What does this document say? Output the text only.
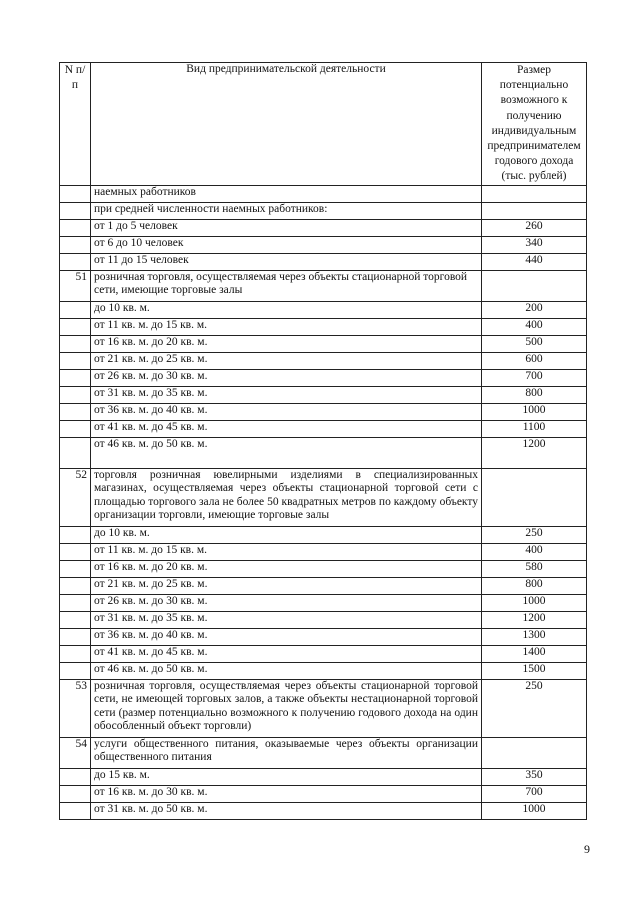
N п/п	Вид предпринимательской деятельности	Размер потенциально возможного к получению индивидуальным предпринимателем годового дохода (тыс. рублей)
	наемных работников	
	при средней численности наемных работников:	
	от 1 до 5 человек	260
	от 6 до 10 человек	340
	от 11 до 15 человек	440
51	розничная торговля, осуществляемая через объекты стационарной торговой сети, имеющие торговые залы	
	до 10 кв. м.	200
	от 11 кв. м. до 15 кв. м.	400
	от 16 кв. м. до 20 кв. м.	500
	от 21 кв. м. до 25 кв. м.	600
	от 26 кв. м. до 30 кв. м.	700
	от 31 кв. м. до 35 кв. м.	800
	от 36 кв. м. до 40 кв. м.	1000
	от 41 кв. м. до 45 кв. м.	1100
	от 46 кв. м. до 50 кв. м.	1200
52	торговля розничная ювелирными изделиями в специализированных магазинах, осуществляемая через объекты стационарной торговой сети с площадью торгового зала не более 50 квадратных метров по каждому объекту организации торговли, имеющие торговые залы	
	до 10 кв. м.	250
	от 11 кв. м. до 15 кв. м.	400
	от 16 кв. м. до 20 кв. м.	580
	от 21 кв. м. до 25 кв. м.	800
	от 26 кв. м. до 30 кв. м.	1000
	от 31 кв. м. до 35 кв. м.	1200
	от 36 кв. м. до 40 кв. м.	1300
	от 41 кв. м. до 45 кв. м.	1400
	от 46 кв. м. до 50 кв. м.	1500
53	розничная торговля, осуществляемая через объекты стационарной торговой сети, не имеющей торговых залов, а также объекты нестационарной торговой сети (размер потенциально возможного к получению годового дохода на один обособленный объект торговли)	250
54	услуги общественного питания, оказываемые через объекты организации общественного питания	
	до 15 кв. м.	350
	от 16 кв. м. до 30 кв. м.	700
	от 31 кв. м. до 50 кв. м.	1000
9
